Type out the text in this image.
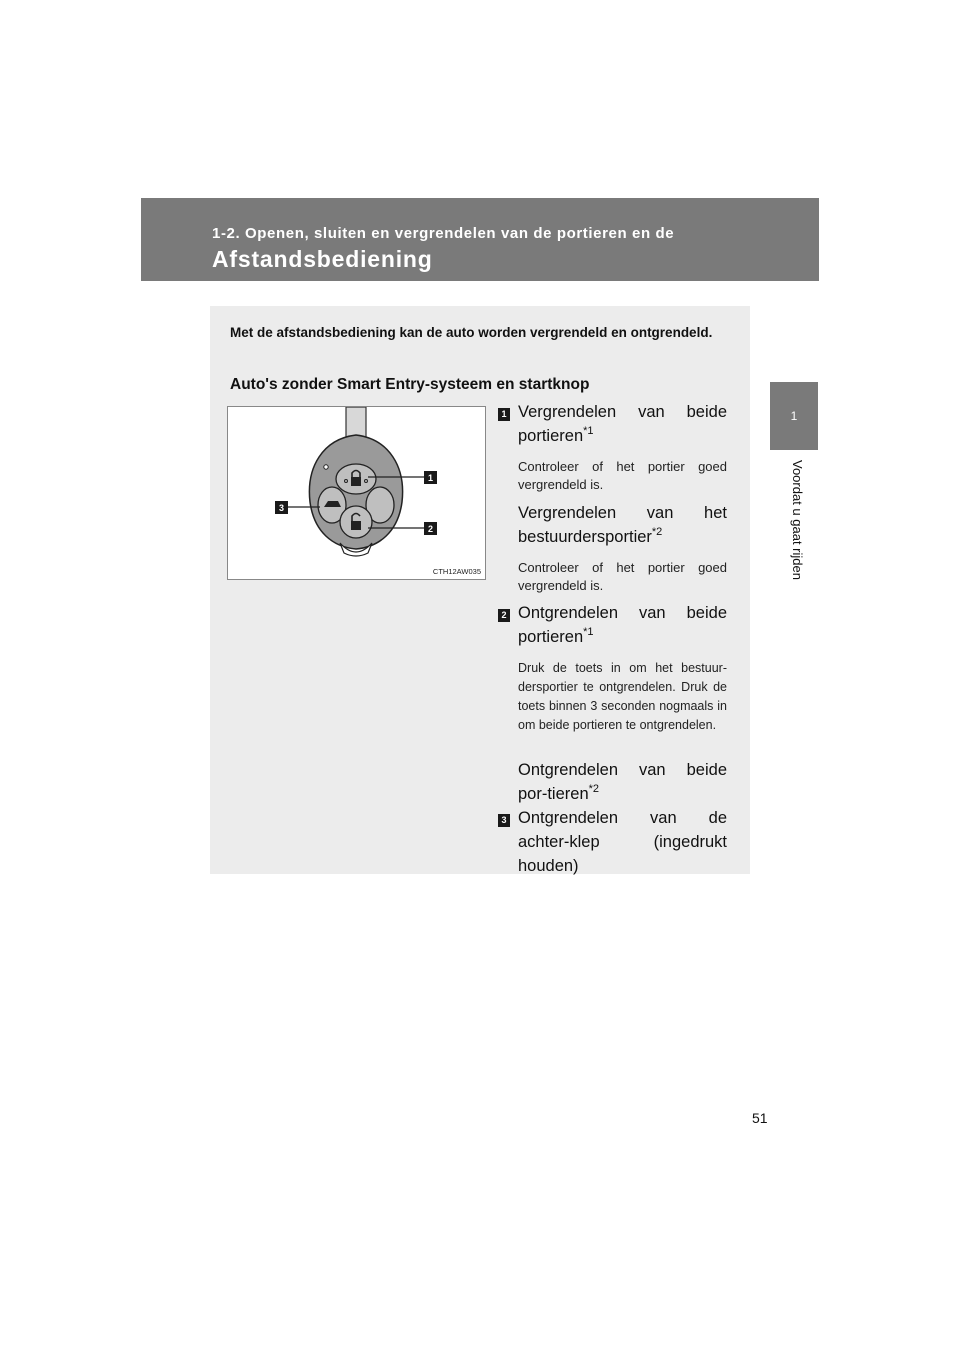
1-2. Openen, sluiten en vergrendelen van de portieren en de
Afstandsbediening
1
Voordat u gaat rijden
Met de afstandsbediening kan de auto worden vergrendeld en ontgrendeld.
Auto's zonder Smart Entry-systeem en startknop
1
2
3
CTH12AW035
1 Vergrendelen van beide portieren$^{*1}$
Controleer of het portier goed vergrendeld is.
Vergrendelen van het bestuurdersportier$^{*2}$
Controleer of het portier goed vergrendeld is.
2 Ontgrendelen van beide portieren$^{*1}$
Druk de toets in om het bestuur-dersportier te ontgrendelen. Druk de toets binnen 3 seconden nogmaals in om beide portieren te ontgrendelen.
Ontgrendelen van beide por-tieren$^{*2}$
3 Ontgrendelen van de achter-klep (ingedrukt houden)
51
